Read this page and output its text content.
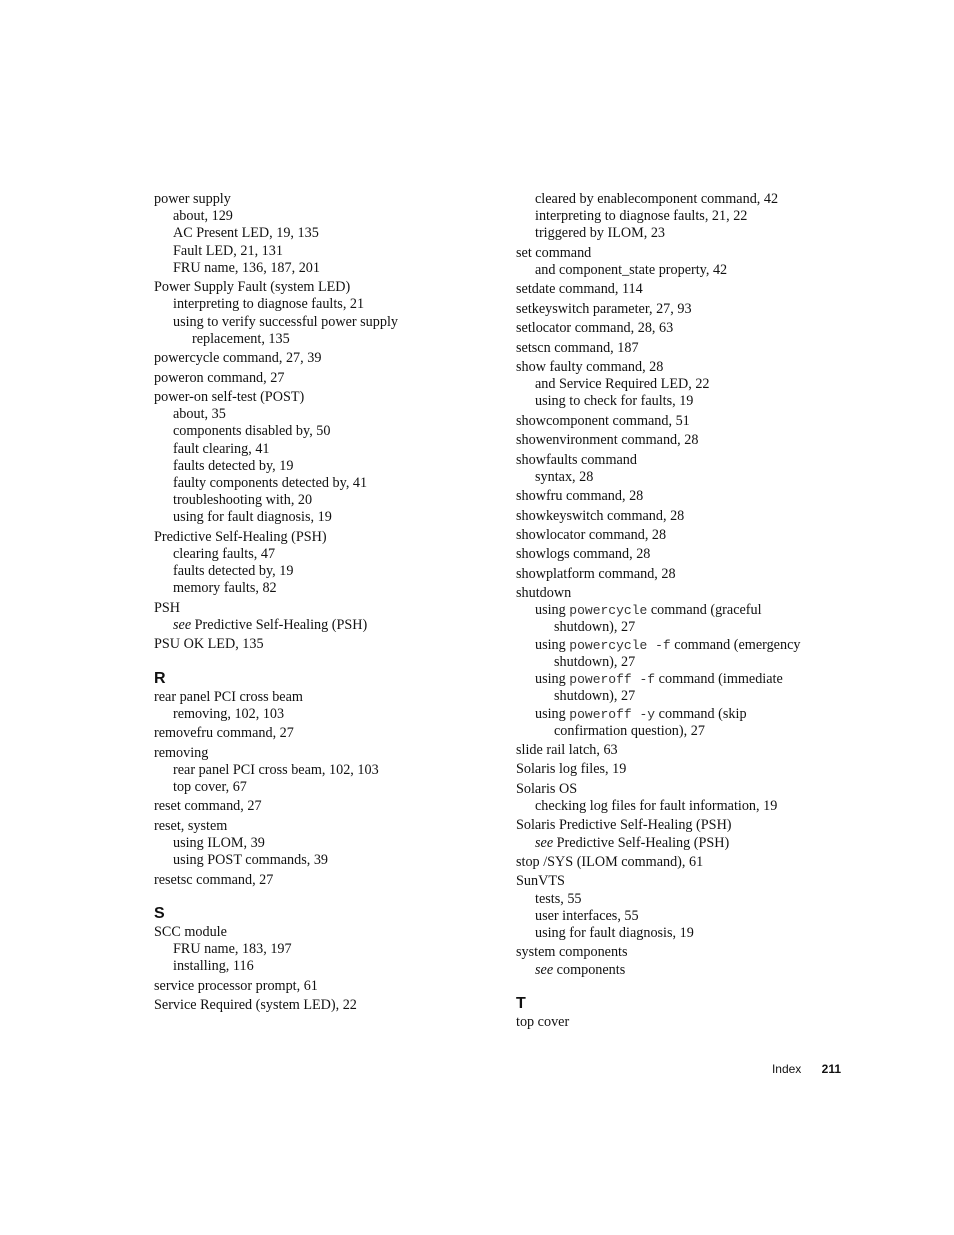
power supply
about, 129
AC Present LED, 19, 135
Fault LED, 21, 131
FRU name, 136, 187, 201
Power Supply Fault (system LED)
interpreting to diagnose faults, 21
using to verify successful power supply
replacement, 135
powercycle command, 27, 39
poweron command, 27
power-on self-test (POST)
about, 35
components disabled by, 50
fault clearing, 41
faults detected by, 19
faulty components detected by, 41
troubleshooting with, 20
using for fault diagnosis, 19
Predictive Self-Healing (PSH)
clearing faults, 47
faults detected by, 19
memory faults, 82
PSH
see Predictive Self-Healing (PSH)
PSU OK LED, 135
R
rear panel PCI cross beam
removing, 102, 103
removefru command, 27
removing
rear panel PCI cross beam, 102, 103
top cover, 67
reset command, 27
reset, system
using ILOM, 39
using POST commands, 39
resetsc command, 27
S
SCC module
FRU name, 183, 197
installing, 116
service processor prompt, 61
Service Required (system LED), 22
cleared by enablecomponent command, 42
interpreting to diagnose faults, 21, 22
triggered by ILOM, 23
set command
and component_state property, 42
setdate command, 114
setkeyswitch parameter, 27, 93
setlocator command, 28, 63
setscn command, 187
show faulty command, 28
and Service Required LED, 22
using to check for faults, 19
showcomponent command, 51
showenvironment command, 28
showfaults command
syntax, 28
showfru command, 28
showkeyswitch command, 28
showlocator command, 28
showlogs command, 28
showplatform command, 28
shutdown
using powercycle command (graceful
shutdown), 27
using powercycle -f command (emergency
shutdown), 27
using poweroff -f command (immediate
shutdown), 27
using poweroff -y command (skip
confirmation question), 27
slide rail latch, 63
Solaris log files, 19
Solaris OS
checking log files for fault information, 19
Solaris Predictive Self-Healing (PSH)
see Predictive Self-Healing (PSH)
stop /SYS (ILOM command), 61
SunVTS
tests, 55
user interfaces, 55
using for fault diagnosis, 19
system components
see components
T
top cover
Index 211
